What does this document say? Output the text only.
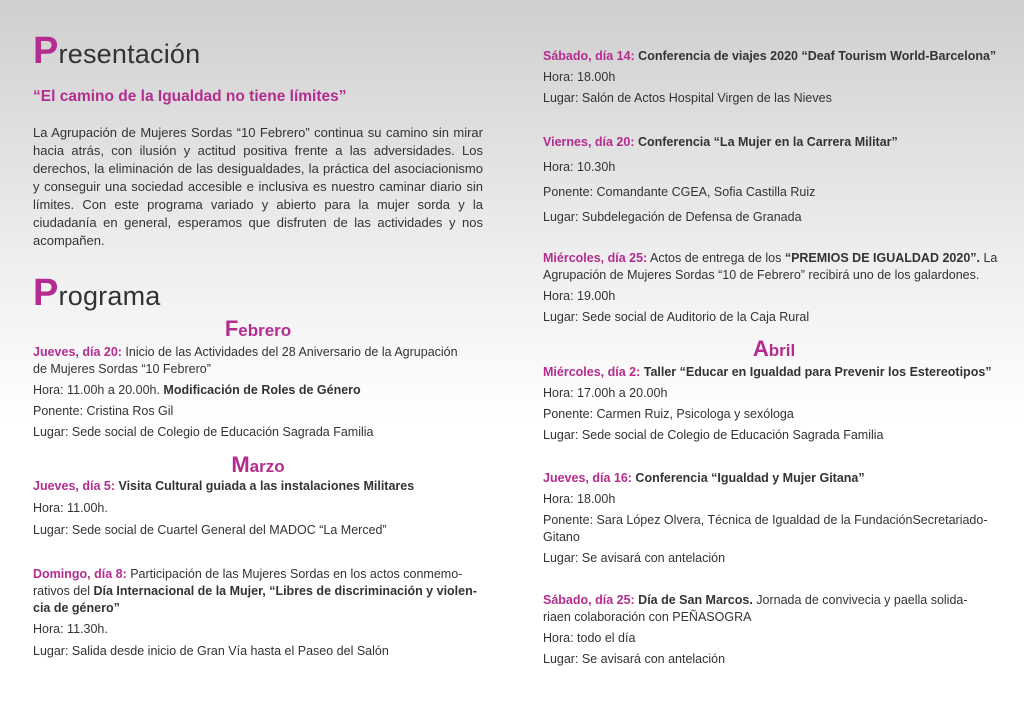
Presentación
“El camino de la Igualdad no tiene límites”
La Agrupación de Mujeres Sordas “10 Febrero” continua su camino sin mirar hacia atrás, con ilusión y actitud positiva frente a las adversidades. Los derechos, la eliminación de las desigualdades, la práctica del asociacionismo y conseguir una sociedad accesible e inclusiva es nuestro caminar diario sin límites. Con este programa variado y abierto para la mujer sorda y la ciudadanía en general, esperamos que disfruten de las actividades y nos acompañen.
Programa
Febrero
Jueves, día 20: Inicio de las Actividades del 28 Aniversario de la Agrupación
de Mujeres Sordas “10 Febrero”
Hora: 11.00h a 20.00h. Modificación de Roles de Género
Ponente: Cristina Ros Gil
Lugar: Sede social de Colegio de Educación Sagrada Familia
Marzo
Jueves, día 5: Visita Cultural guiada a las instalaciones Militares
Hora: 11.00h.
Lugar: Sede social de Cuartel General del MADOC “La Merced”
Domingo, día 8: Participación de las Mujeres Sordas en los actos conmemo-
rativos del Día Internacional de la Mujer, “Libres de discriminación y violen-
cia de género”
Hora: 11.30h.
Lugar: Salida desde inicio de Gran Vía hasta el Paseo del Salón
Sábado, día 14: Conferencia de viajes 2020 “Deaf Tourism World-Barcelona”
Hora: 18.00h
Lugar: Salón de Actos Hospital Virgen de las Nieves
Viernes, día 20: Conferencia “La Mujer en la Carrera Militar”
Hora: 10.30h
Ponente: Comandante CGEA, Sofia Castilla Ruiz
Lugar: Subdelegación de Defensa de Granada
Miércoles, día 25: Actos de entrega de los “PREMIOS DE IGUALDAD 2020”. La
Agrupación de Mujeres Sordas “10 de Febrero” recibirá uno de los galardones.
Hora: 19.00h
Lugar: Sede social de Auditorio de la Caja Rural
Abril
Miércoles, día 2: Taller “Educar en Igualdad para Prevenir los Estereotipos”
Hora: 17.00h a 20.00h
Ponente: Carmen Ruiz, Psicologa y sexóloga
Lugar: Sede social de Colegio de Educación Sagrada Familia
Jueves, día 16: Conferencia “Igualdad y Mujer Gitana”
Hora: 18.00h
Ponente: Sara López Olvera, Técnica de Igualdad de la FundaciónSecretariado-
Gitano
Lugar: Se avisará con antelación
Sábado, día 25: Día de San Marcos. Jornada de convivecia y paella solida-
riaen colaboración con PEÑASOGRA
Hora: todo el día
Lugar: Se avisará con antelación
